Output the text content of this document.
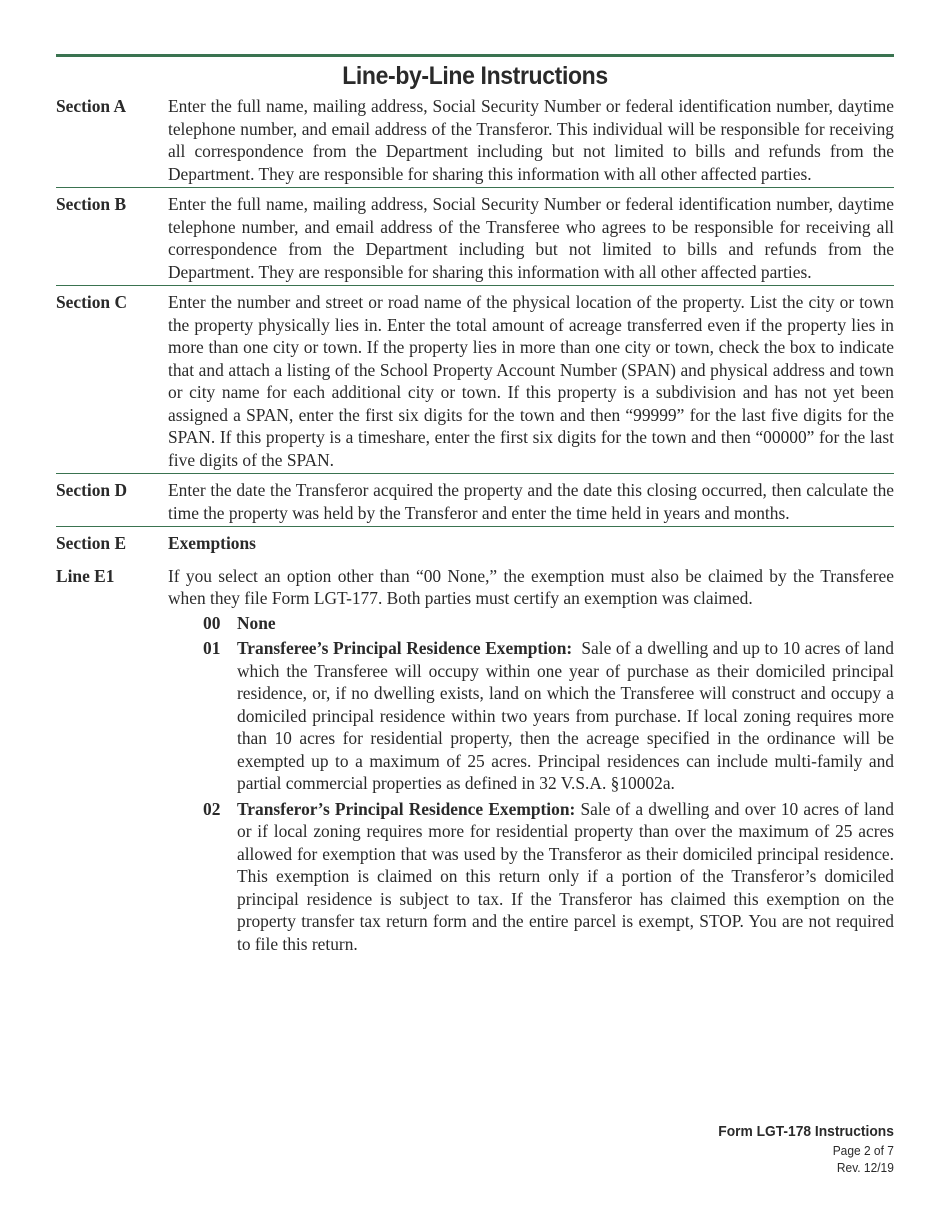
Line-by-Line Instructions
Section A	Enter the full name, mailing address, Social Security Number or federal identification number, daytime telephone number, and email address of the Transferor. This individual will be responsible for receiving all correspondence from the Department including but not limited to bills and refunds from the Department. They are responsible for sharing this information with all other affected parties.
Section B	Enter the full name, mailing address, Social Security Number or federal identification number, daytime telephone number, and email address of the Transferee who agrees to be responsible for receiving all correspondence from the Department including but not limited to bills and refunds from the Department. They are responsible for sharing this information with all other affected parties.
Section C	Enter the number and street or road name of the physical location of the property. List the city or town the property physically lies in. Enter the total amount of acreage transferred even if the property lies in more than one city or town. If the property lies in more than one city or town, check the box to indicate that and attach a listing of the School Property Account Number (SPAN) and physical address and town or city name for each additional city or town. If this property is a subdivision and has not yet been assigned a SPAN, enter the first six digits for the town and then “99999” for the last five digits for the SPAN. If this property is a timeshare, enter the first six digits for the town and then “00000” for the last five digits of the SPAN.
Section D	Enter the date the Transferor acquired the property and the date this closing occurred, then calculate the time the property was held by the Transferor and enter the time held in years and months.
Section E	Exemptions
Line E1	If you select an option other than “00 None,” the exemption must also be claimed by the Transferee when they file Form LGT-177. Both parties must certify an exemption was claimed.
00 None
01 Transferee’s Principal Residence Exemption: Sale of a dwelling and up to 10 acres of land which the Transferee will occupy within one year of purchase as their domiciled principal residence, or, if no dwelling exists, land on which the Transferee will construct and occupy a domiciled principal residence within two years from purchase. If local zoning requires more than 10 acres for residential property, then the acreage specified in the ordinance will be exempted up to a maximum of 25 acres. Principal residences can include multi-family and partial commercial properties as defined in 32 V.S.A. §10002a.
02 Transferor’s Principal Residence Exemption: Sale of a dwelling and over 10 acres of land or if local zoning requires more for residential property than over the maximum of 25 acres allowed for exemption that was used by the Transferor as their domiciled principal residence. This exemption is claimed on this return only if a portion of the Transferor’s domiciled principal residence is subject to tax. If the Transferor has claimed this exemption on the property transfer tax return form and the entire parcel is exempt, STOP. You are not required to file this return.
Form LGT-178 Instructions
Page 2 of 7
Rev. 12/19
